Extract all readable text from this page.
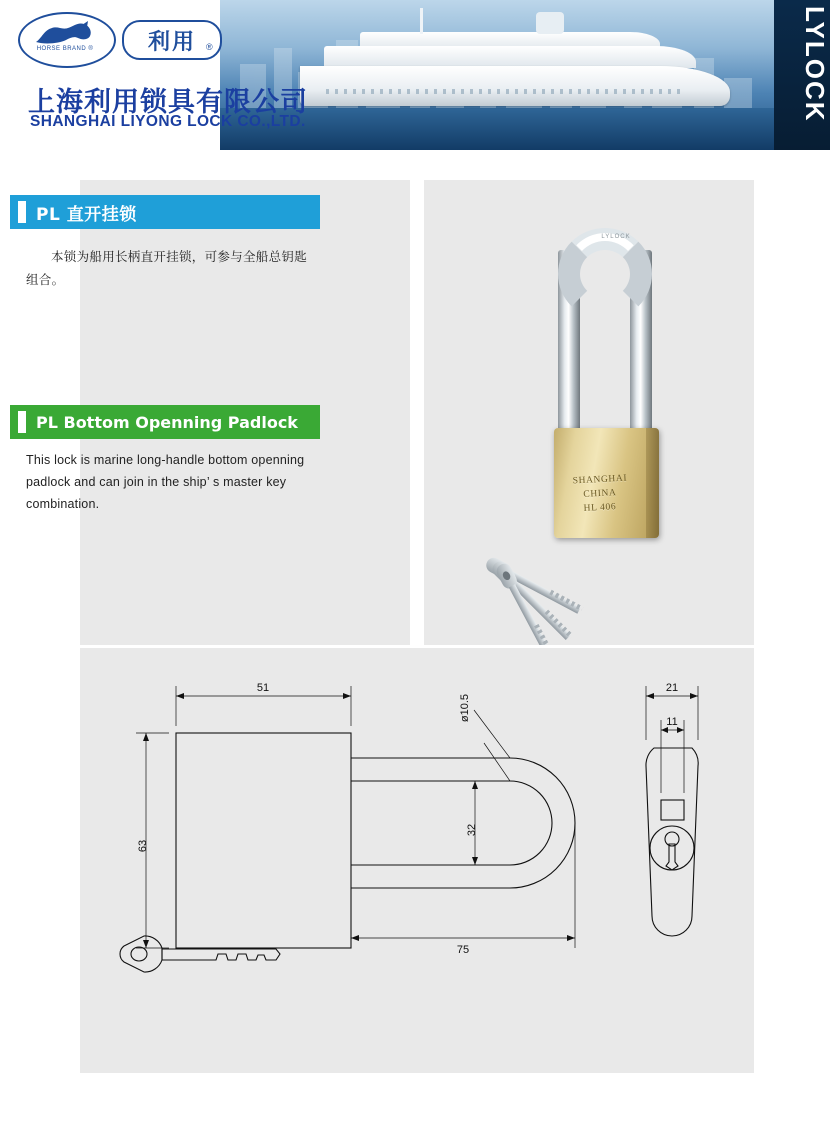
LYLOCK
HORSE BRAND ®	利用	®
上海利用锁具有限公司
SHANGHAI LIYONG LOCK CO.,LTD.
PL 直开挂锁
本锁为船用长柄直开挂锁，可参与全船总钥匙组合。
PL Bottom Openning Padlock
This lock is marine long-handle bottom openning padlock and can join in the ship’ s master key combination.
LYLOCK
SHANGHAI
CHINA
HL 406
51
63
ø10.5
32
75
21
11
